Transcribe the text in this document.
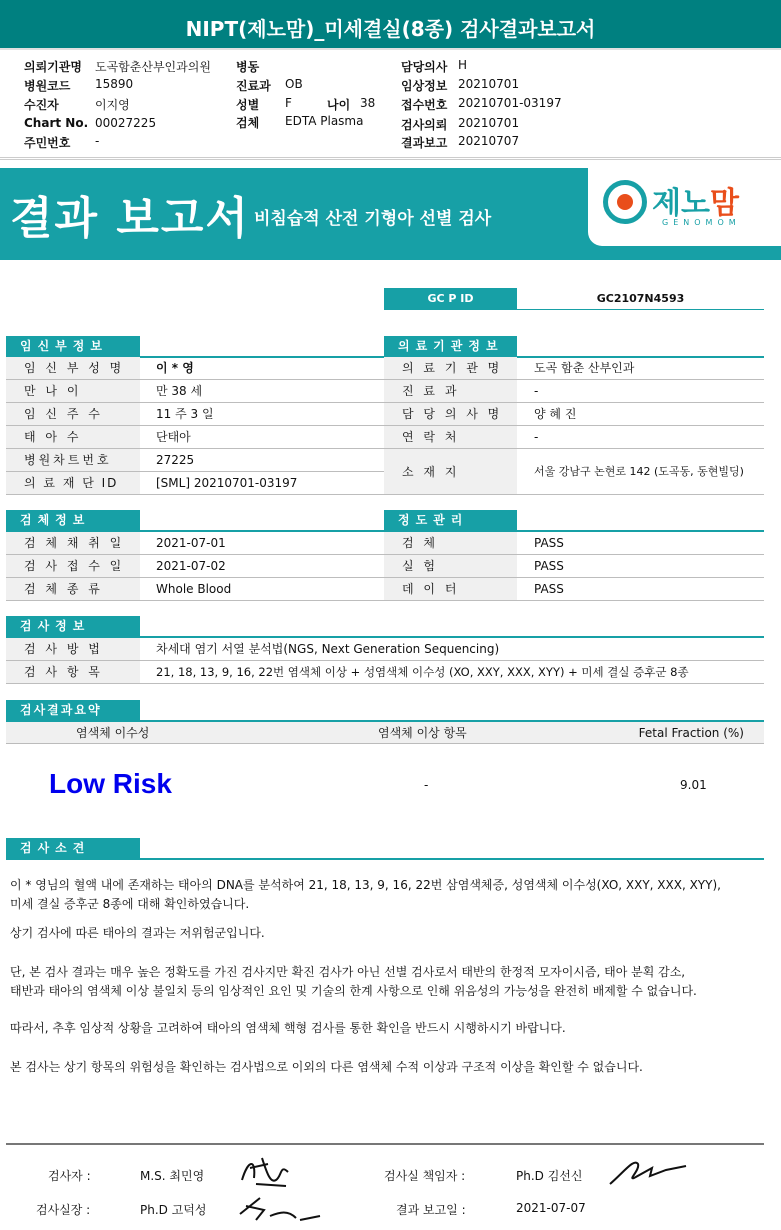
NIPT(제노맘)_미세결실(8종) 검사결과보고서
의뢰기관명 도곡함춘산부인과의원
병원코드 15890
수진자	이지영
Chart No. 00027225
주민번호 -
병동
진료과 OB
성별 F	나이 38
검체 EDTA Plasma
담당의사 H
임상정보 20210701
접수번호 20210701-03197
검사의뢰 20210701
결과보고 20210707
결과 보고서 비침습적 산전 기형아 선별 검사	제노맘
GENOMOM
GC P ID	GC2107N4593
임신부정보
임 신 부 성 명	이 * 영
만 나 이	만 38 세
임 신 주 수	11 주 3 일
태 아 수	단태아
병원차트번호	27225
의 료 재 단 ID	[SML] 20210701-03197
의료기관정보
의 료 기 관 명	도곡 함춘 산부인과
진 료 과	-
담 당 의 사 명	양 혜 진
연 락 처	-
소 재 지	서울 강남구 논현로 142 (도곡동, 동현빌딩)
검체정보
검 체 채 취 일	2021-07-01
검 사 접 수 일	2021-07-02
검 체 종 류	Whole Blood
정도관리
검 체	PASS
실 험	PASS
데 이 터	PASS
검사정보
검 사 방 법	차세대 염기 서열 분석법(NGS, Next Generation Sequencing)
검 사 항 목	21, 18, 13, 9, 16, 22번 염색체 이상 + 성염색체 이수성 (XO, XXY, XXX, XYY) + 미세 결실 증후군 8종
검사결과요약
염색체 이수성	염색체 이상 항목	Fetal Fraction (%)
Low Risk	-	9.01
검사소견
이 * 영님의 혈액 내에 존재하는 태아의 DNA를 분석하여 21, 18, 13, 9, 16, 22번 삼염색체증, 성염색체 이수성(XO, XXY, XXX, XYY),
미세 결실 증후군 8종에 대해 확인하였습니다.
상기 검사에 따른 태아의 결과는 저위험군입니다.
단, 본 검사 결과는 매우 높은 정확도를 가진 검사지만 확진 검사가 아닌 선별 검사로서 태반의 한정적 모자이시즘, 태아 분획 감소,
태반과 태아의 염색체 이상 불일치 등의 임상적인 요인 및 기술의 한계 사항으로 인해 위음성의 가능성을 완전히 배제할 수 없습니다.
따라서, 추후 임상적 상황을 고려하여 태아의 염색체 핵형 검사를 통한 확인을 반드시 시행하시기 바랍니다.
본 검사는 상기 항목의 위험성을 확인하는 검사법으로 이외의 다른 염색체 수적 이상과 구조적 이상을 확인할 수 없습니다.
검사자 :	M.S. 최민영	검사실 책임자 :	Ph.D 김선신
검사실장 :	Ph.D 고덕성	결과 보고일 :	2021-07-07
